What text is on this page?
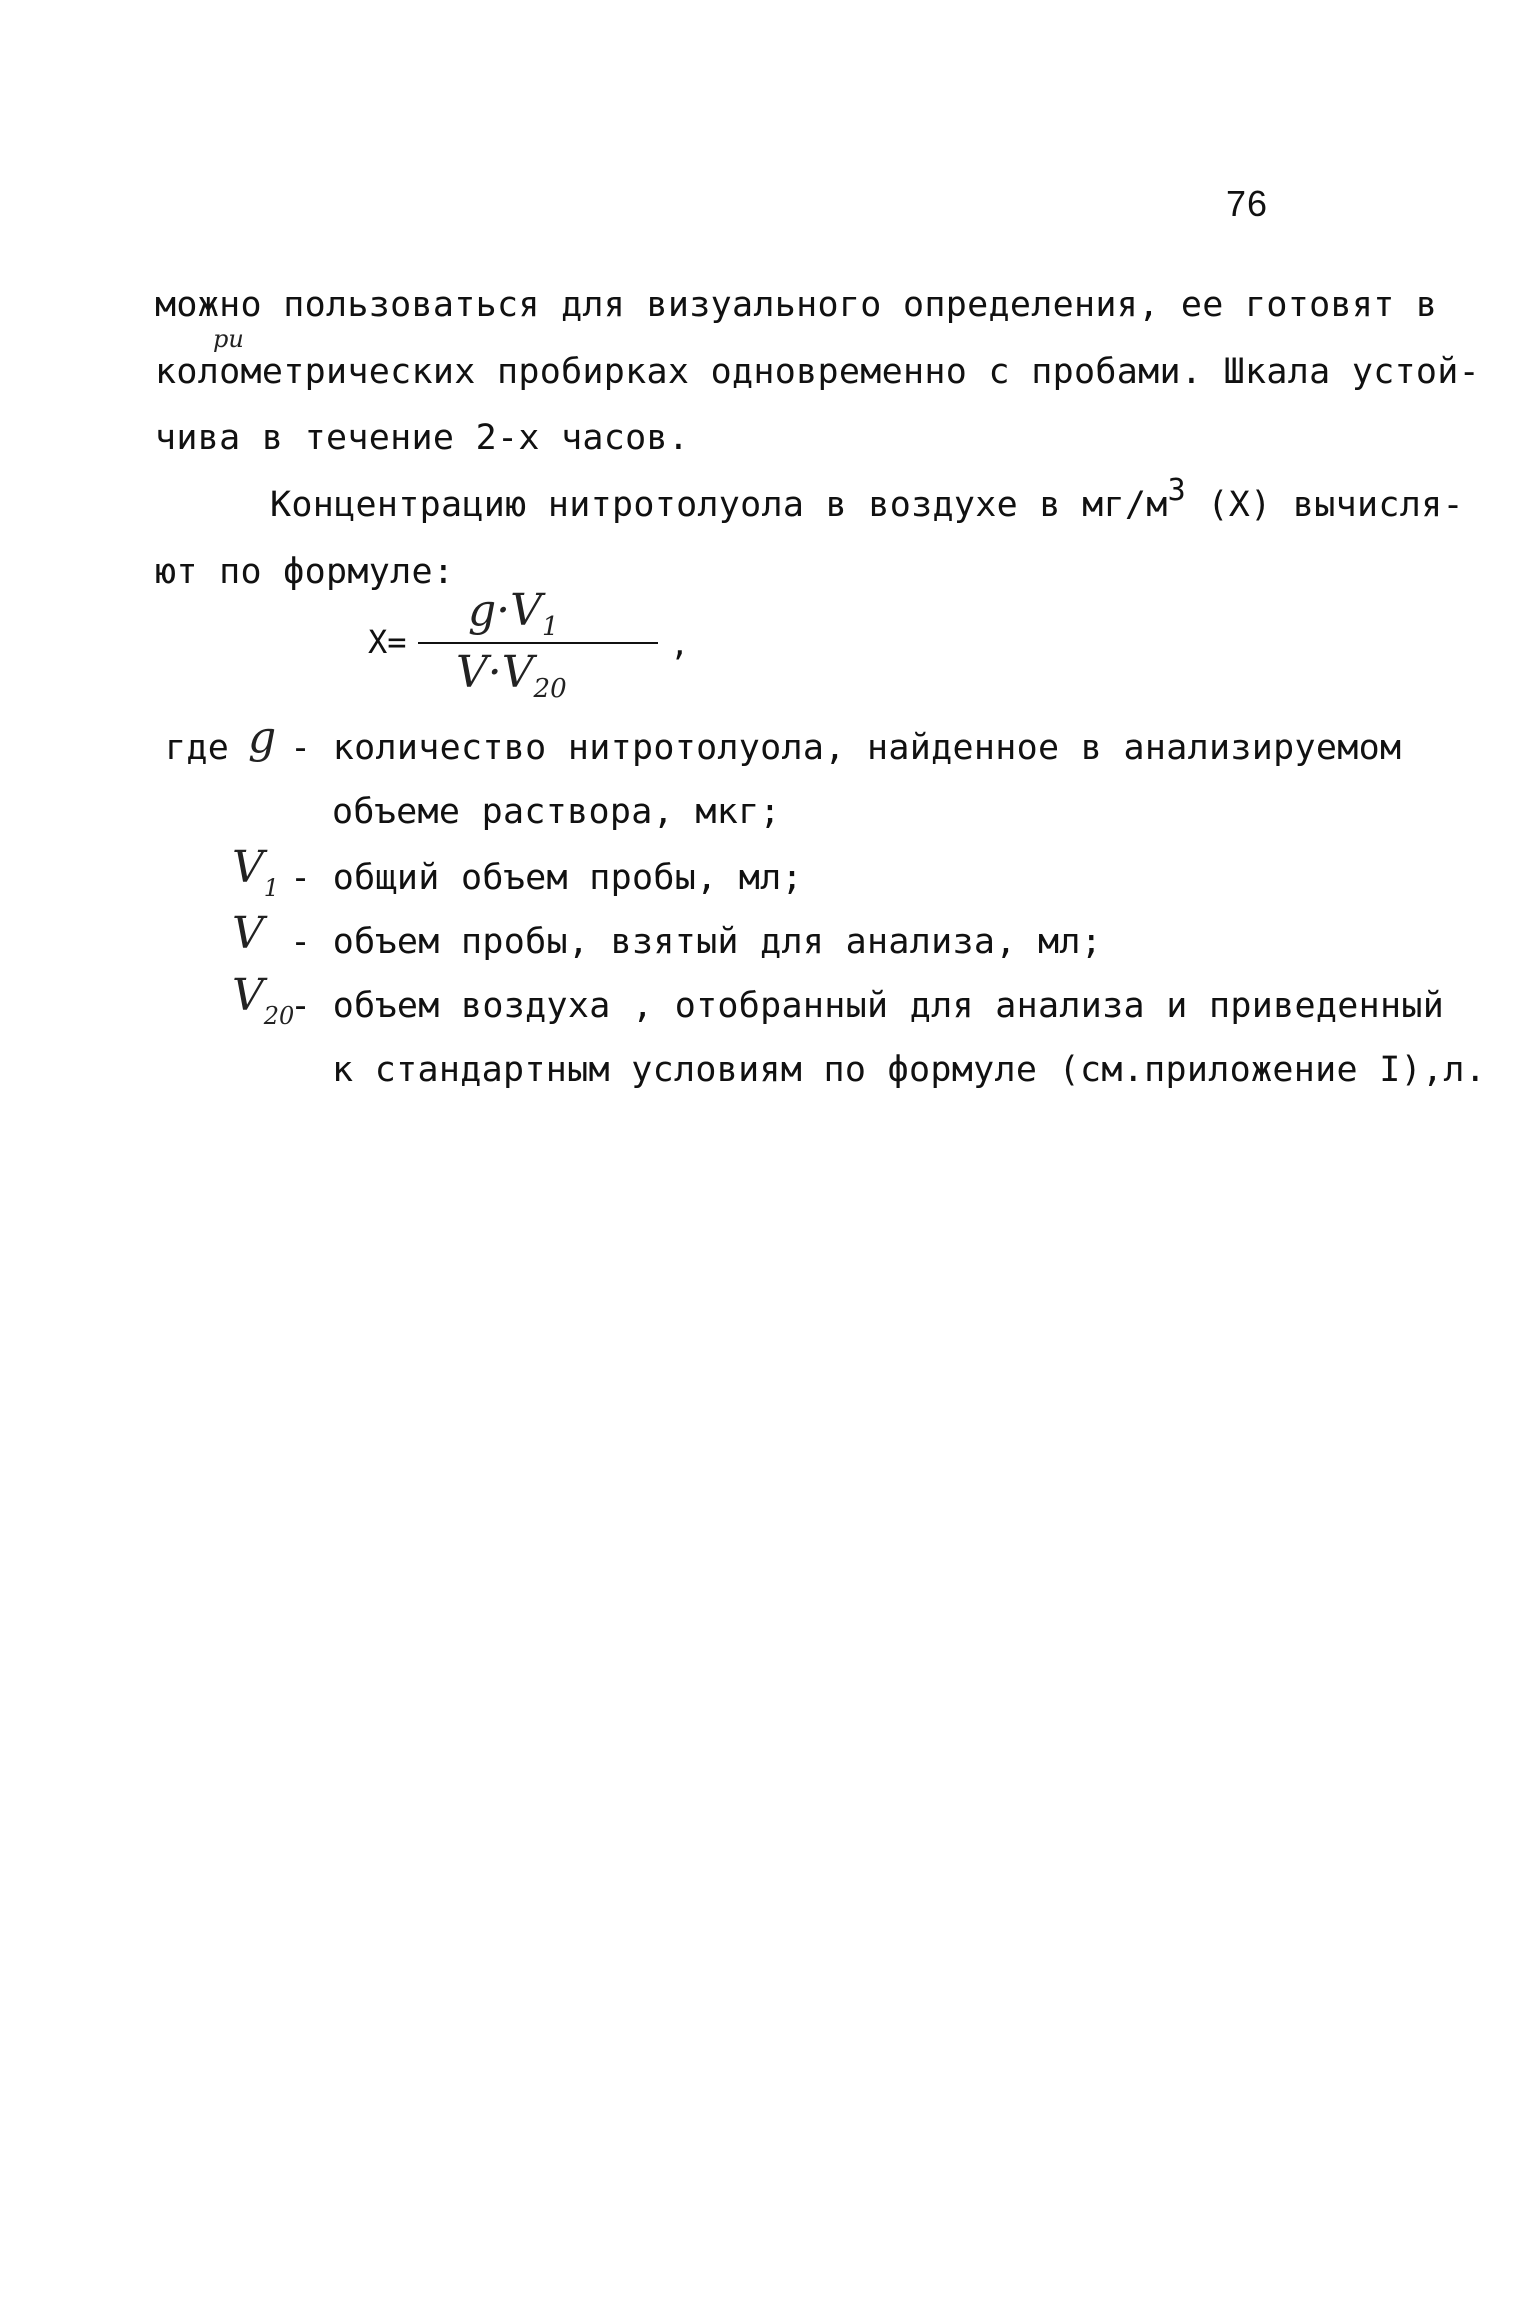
76
можно пользоваться для визуального определения, ее готовят в
ри
колометрических пробирках одновременно с пробами. Шкала устой-
чива в течение 2-х часов.
Концентрацию нитротолуола в воздухе в мг/м3 (Х) вычисля-
ют по формуле:
Х=
$g\cdot V_1$
$V\cdot V_{20}$
,
где g - количество нитротолуола, найденное в анализируемом
объеме раствора, мкг;
$V_1$ - общий объем пробы, мл;
V - объем пробы, взятый для анализа, мл;
$V_{20}$
- объем воздуха , отобранный для анализа и приведенный
к стандартным условиям по формуле (см.приложение I),л.
